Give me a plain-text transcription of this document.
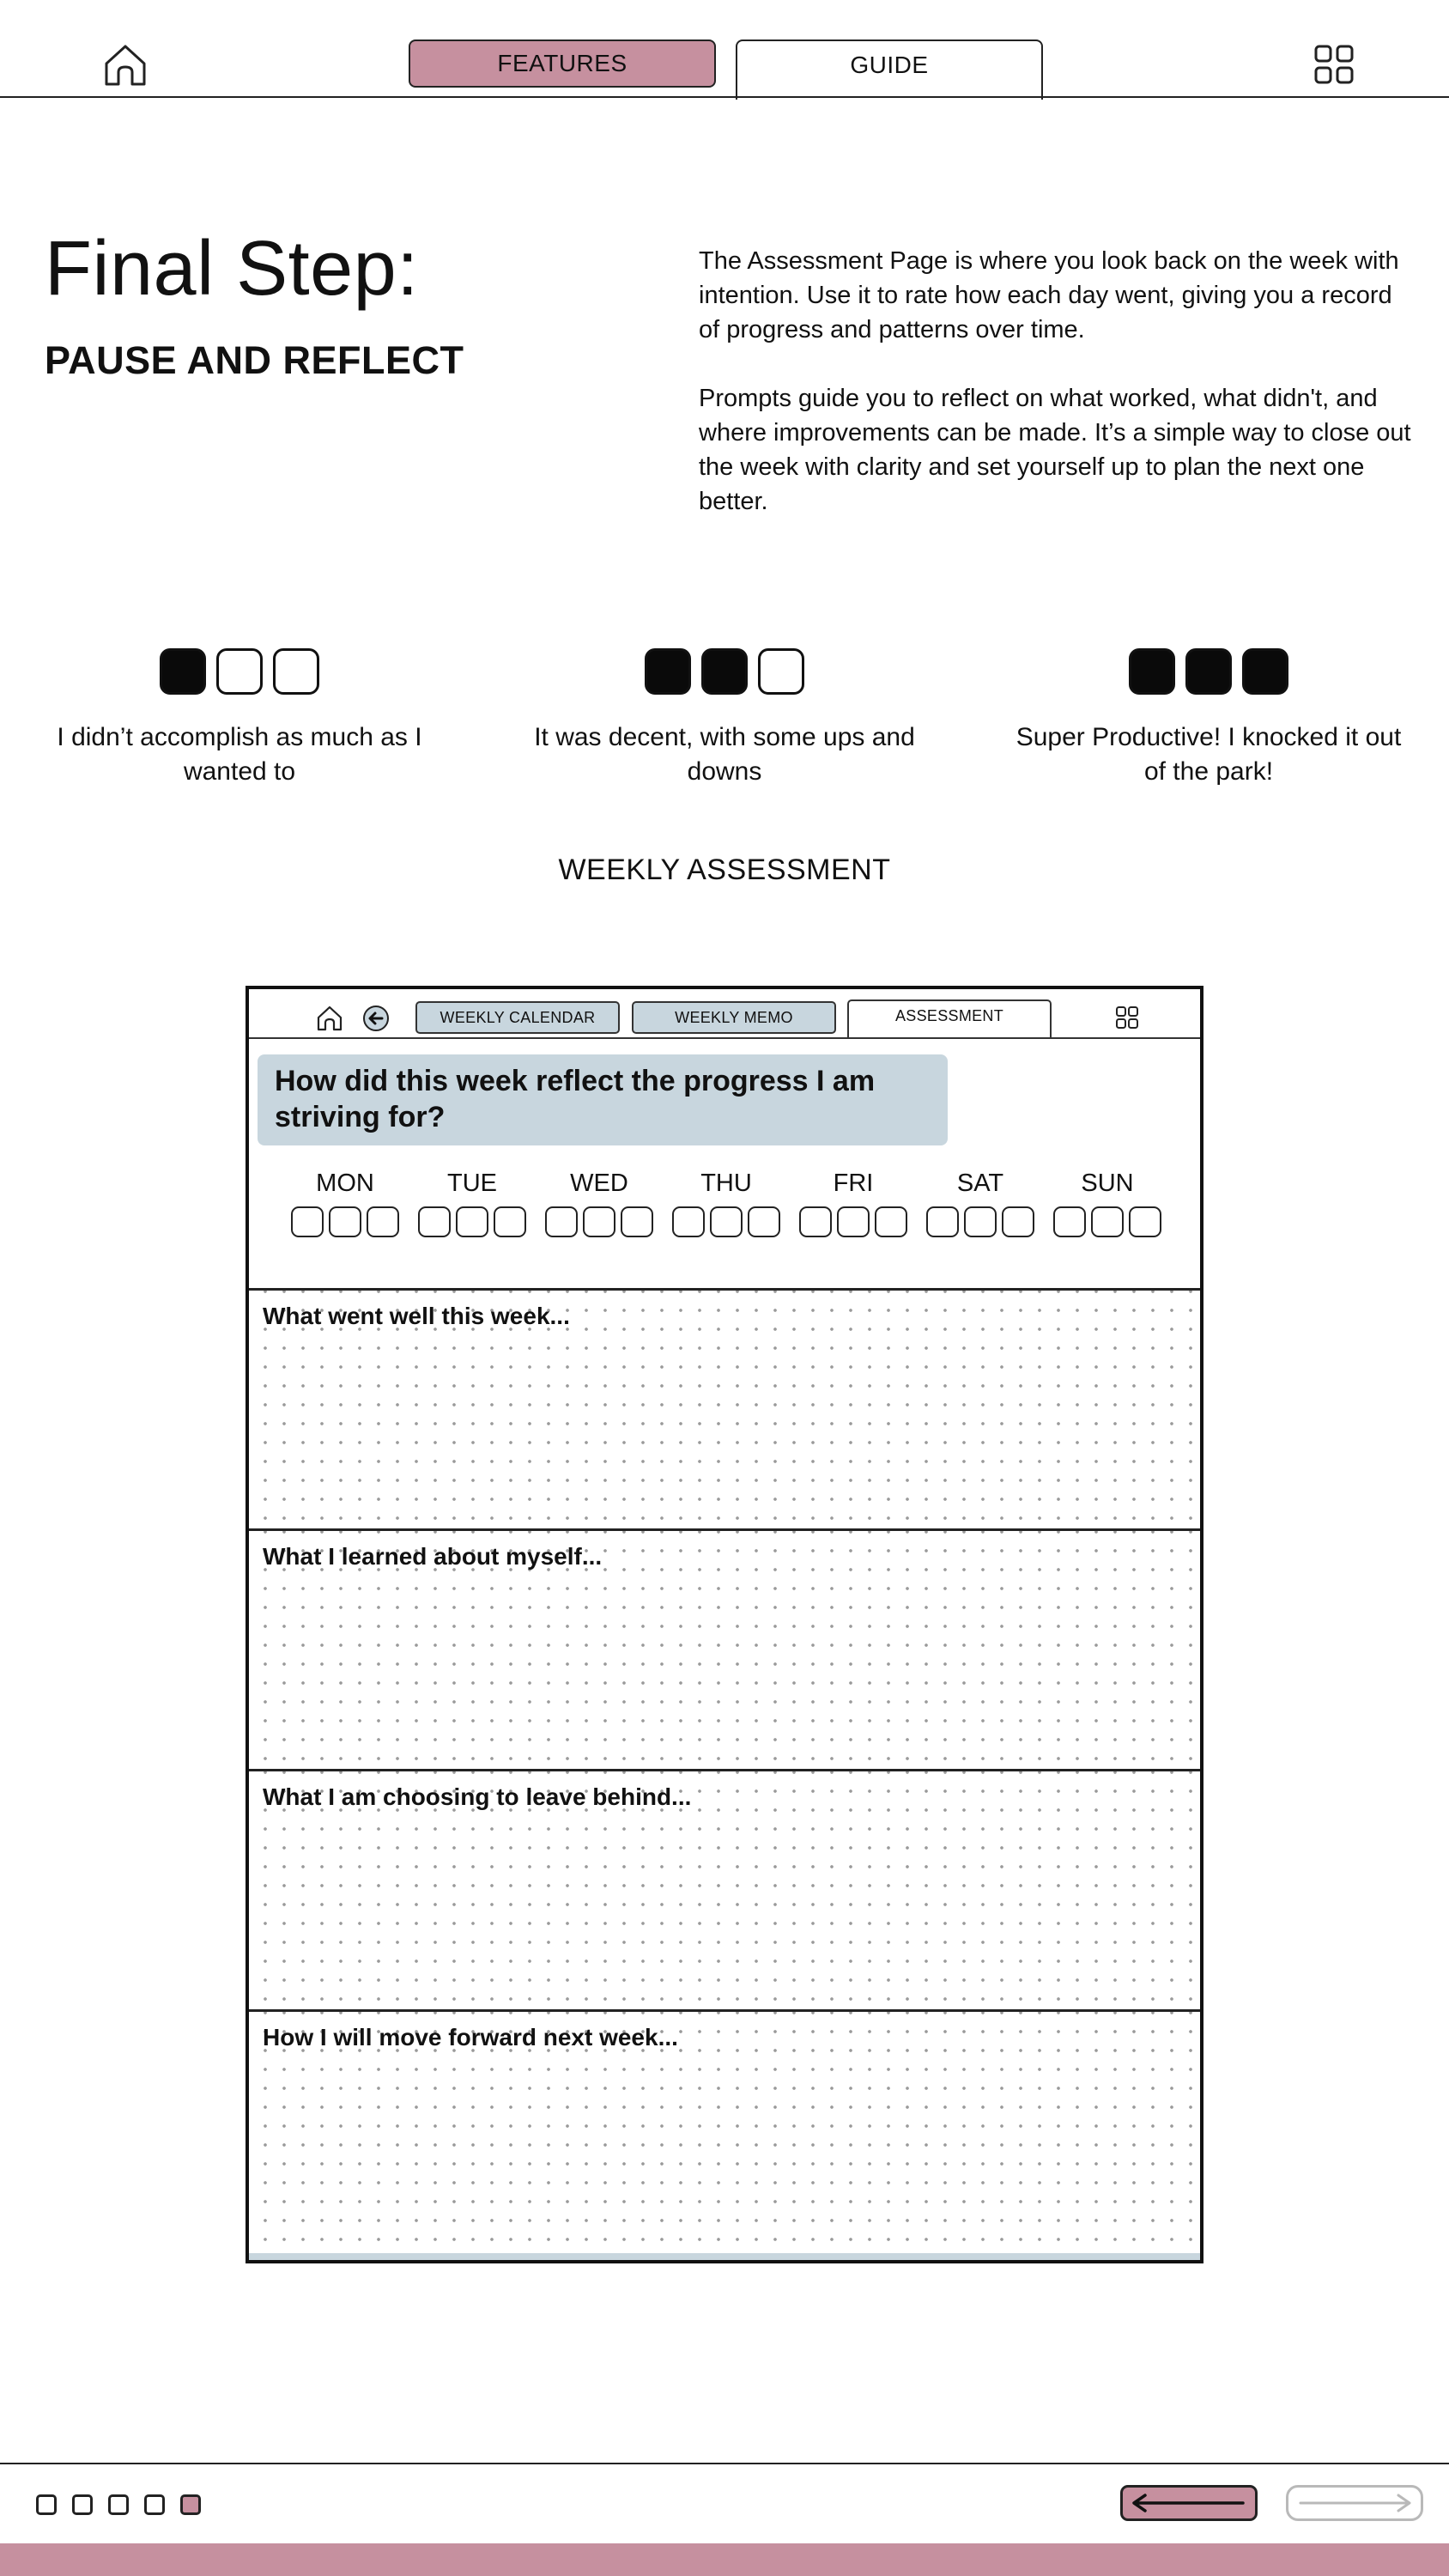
FEATURES	GUIDE
Final Step:
PAUSE AND REFLECT

The Assessment Page is where you look back on the week with intention. Use it to rate how each day went, giving you a record of progress and patterns over time.

Prompts guide you to reflect on what worked, what didn't, and where improvements can be made. It’s a simple way to close out the week with clarity and set yourself up to plan the next one better.

I didn’t accomplish as much as I wanted to
It was decent, with some ups and downs
Super Productive! I knocked it out of the park!
WEEKLY ASSESSMENT
WEEKLY CALENDAR	WEEKLY MEMO	ASSESSMENT
How did this week reflect the progress I am striving for?
MON	TUE	WED	THU	FRI	SAT	SUN
What went well this week...
What I learned about myself...
What I am choosing to leave behind...
How I will move forward next week...
